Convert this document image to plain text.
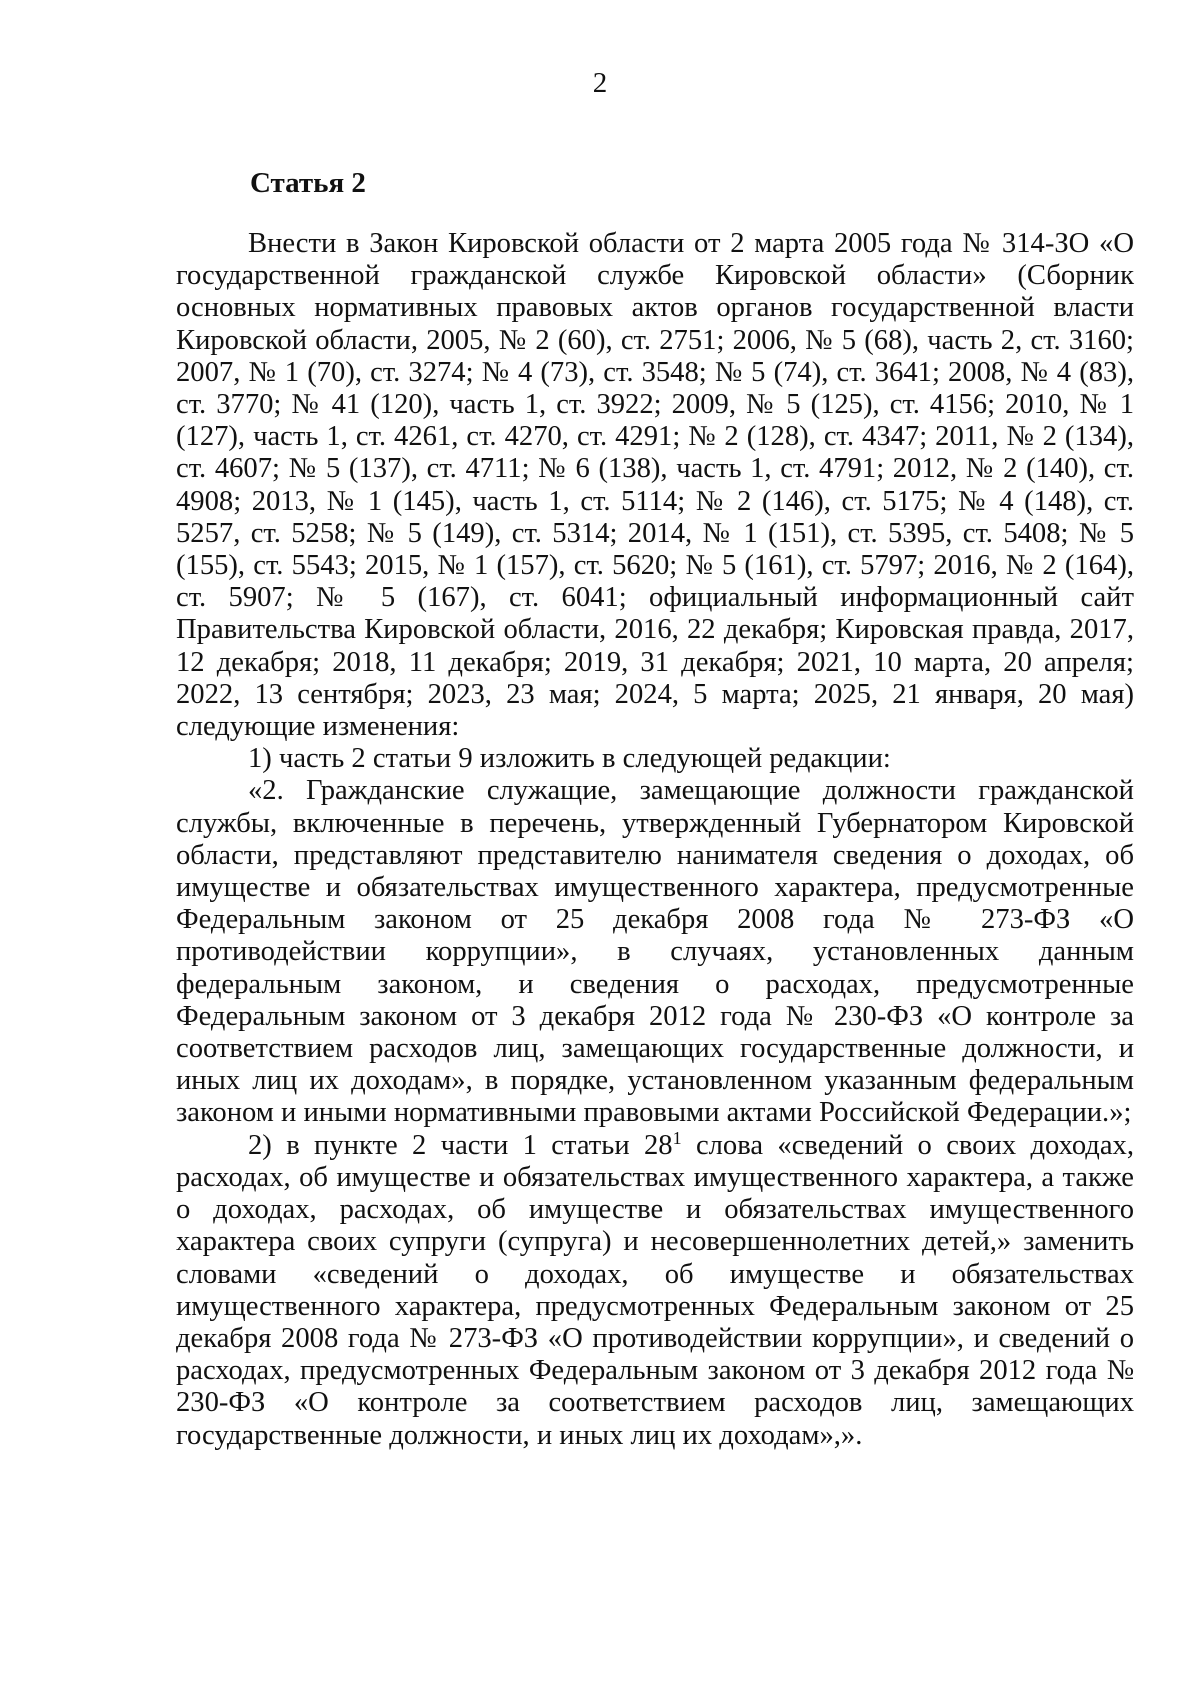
2
Статья 2

Внести в Закон Кировской области от 2 марта 2005 года № 314-ЗО «О государственной гражданской службе Кировской области» (Сборник основных нормативных правовых актов органов государственной власти Кировской области, 2005, № 2 (60), ст. 2751; 2006, № 5 (68), часть 2, ст. 3160; 2007, № 1 (70), ст. 3274; № 4 (73), ст. 3548; № 5 (74), ст. 3641; 2008, № 4 (83), ст. 3770; № 41 (120), часть 1, ст. 3922; 2009, № 5 (125), ст. 4156; 2010, № 1 (127), часть 1, ст. 4261, ст. 4270, ст. 4291; № 2 (128), ст. 4347; 2011, № 2 (134), ст. 4607; № 5 (137), ст. 4711; № 6 (138), часть 1, ст. 4791; 2012, № 2 (140), ст. 4908; 2013, № 1 (145), часть 1, ст. 5114; № 2 (146), ст. 5175; № 4 (148), ст. 5257, ст. 5258; № 5 (149), ст. 5314; 2014, № 1 (151), ст. 5395, ст. 5408; № 5 (155), ст. 5543; 2015, № 1 (157), ст. 5620; № 5 (161), ст. 5797; 2016, № 2 (164), ст. 5907; № 5 (167), ст. 6041; официальный информационный сайт Правительства Кировской области, 2016, 22 декабря; Кировская правда, 2017, 12 декабря; 2018, 11 декабря; 2019, 31 декабря; 2021, 10 марта, 20 апреля; 2022, 13 сентября; 2023, 23 мая; 2024, 5 марта; 2025, 21 января, 20 мая) следующие изменения:

1) часть 2 статьи 9 изложить в следующей редакции:

«2. Гражданские служащие, замещающие должности гражданской службы, включенные в перечень, утвержденный Губернатором Кировской области, представляют представителю нанимателя сведения о доходах, об имуществе и обязательствах имущественного характера, предусмотренные Федеральным законом от 25 декабря 2008 года № 273-ФЗ «О противодействии коррупции», в случаях, установленных данным федеральным законом, и сведения о расходах, предусмотренные Федеральным законом от 3 декабря 2012 года № 230-ФЗ «О контроле за соответствием расходов лиц, замещающих государственные должности, и иных лиц их доходам», в порядке, установленном указанным федеральным законом и иными нормативными правовыми актами Российской Федерации.»;

2) в пункте 2 части 1 статьи $28^1$ слова «сведений о своих доходах, расходах, об имуществе и обязательствах имущественного характера, а также о доходах, расходах, об имуществе и обязательствах имущественного характера своих супруги (супруга) и несовершеннолетних детей,» заменить словами «сведений о доходах, об имуществе и обязательствах имущественного характера, предусмотренных Федеральным законом от 25 декабря 2008 года № 273-ФЗ «О противодействии коррупции», и сведений о расходах, предусмотренных Федеральным законом от 3 декабря 2012 года № 230-ФЗ «О контроле за соответствием расходов лиц, замещающих государственные должности, и иных лиц их доходам»,».
